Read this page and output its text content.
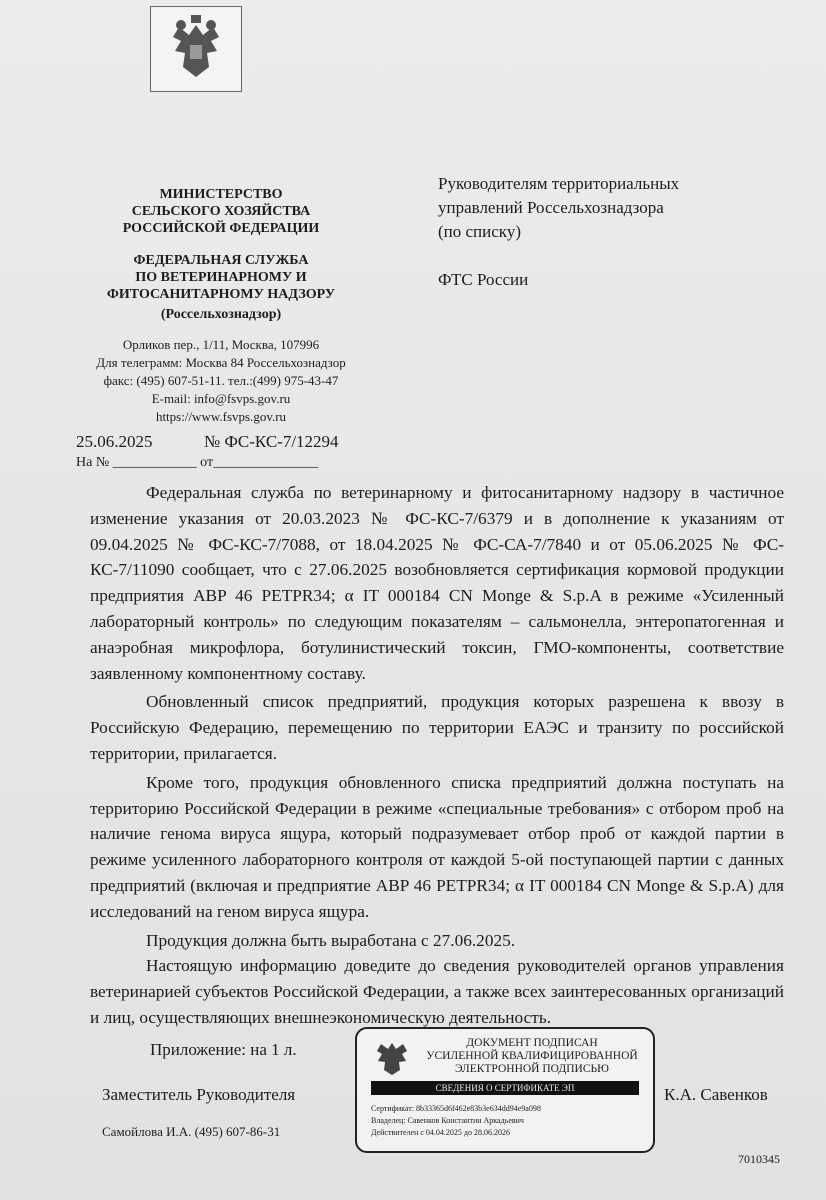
МИНИСТЕРСТВО
СЕЛЬСКОГО ХОЗЯЙСТВА
РОССИЙСКОЙ ФЕДЕРАЦИИ
ФЕДЕРАЛЬНАЯ СЛУЖБА
ПО ВЕТЕРИНАРНОМУ И
ФИТОСАНИТАРНОМУ НАДЗОРУ
(Россельхознадзор)
Орликов пер., 1/11, Москва, 107996
Для телеграмм: Москва 84 Россельхознадзор
факс: (495) 607-51-11. тел.:(499) 975-43-47
E-mail: info@fsvps.gov.ru
https://www.fsvps.gov.ru
Руководителям территориальных
управлений Россельхознадзора
(по списку)
ФТС России
25.06.2025	№ ФС-КС-7/12294
На № ____________ от_______________

Федеральная служба по ветеринарному и фитосанитарному надзору в частичное изменение указания от 20.03.2023 № ФС-КС-7/6379 и в дополнение к указаниям от 09.04.2025 № ФС-КС-7/7088, от 18.04.2025 № ФС-СА-7/7840 и от 05.06.2025 № ФС-КС-7/11090 сообщает, что с 27.06.2025 возобновляется сертификация кормовой продукции предприятия ABP 46 PETPR34; α IT 000184 CN Monge & S.p.A в режиме «Усиленный лабораторный контроль» по следующим показателям – сальмонелла, энтеропатогенная и анаэробная микрофлора, ботулинистический токсин, ГМО-компоненты, соответствие заявленному компонентному составу.

Обновленный список предприятий, продукция которых разрешена к ввозу в Российскую Федерацию, перемещению по территории ЕАЭС и транзиту по российской территории, прилагается.

Кроме того, продукция обновленного списка предприятий должна поступать на территорию Российской Федерации в режиме «специальные требования» с отбором проб на наличие генома вируса ящура, который подразумевает отбор проб от каждой партии в режиме усиленного лабораторного контроля от каждой 5-ой поступающей партии с данных предприятий (включая и предприятие ABP 46 PETPR34; α IT 000184 CN Monge & S.p.A) для исследований на геном вируса ящура.

Продукция должна быть выработана с 27.06.2025.

Настоящую информацию доведите до сведения руководителей органов управления ветеринарией субъектов Российской Федерации, а также всех заинтересованных организаций и лиц, осуществляющих внешнеэкономическую деятельность.

Приложение: на 1 л.
Заместитель Руководителя	К.А. Савенков
Самойлова И.А. (495) 607-86-31
7010345
ДОКУМЕНТ ПОДПИСАН
УСИЛЕННОЙ КВАЛИФИЦИРОВАННОЙ
ЭЛЕКТРОННОЙ ПОДПИСЬЮ
СВЕДЕНИЯ О СЕРТИФИКАТЕ ЭП
Сертификат: 8b33365d6f462e83b3e634dd94e9a098
Владелец: Савенков Константин Аркадьевич
Действителен с 04.04.2025 до 28.06.2026
